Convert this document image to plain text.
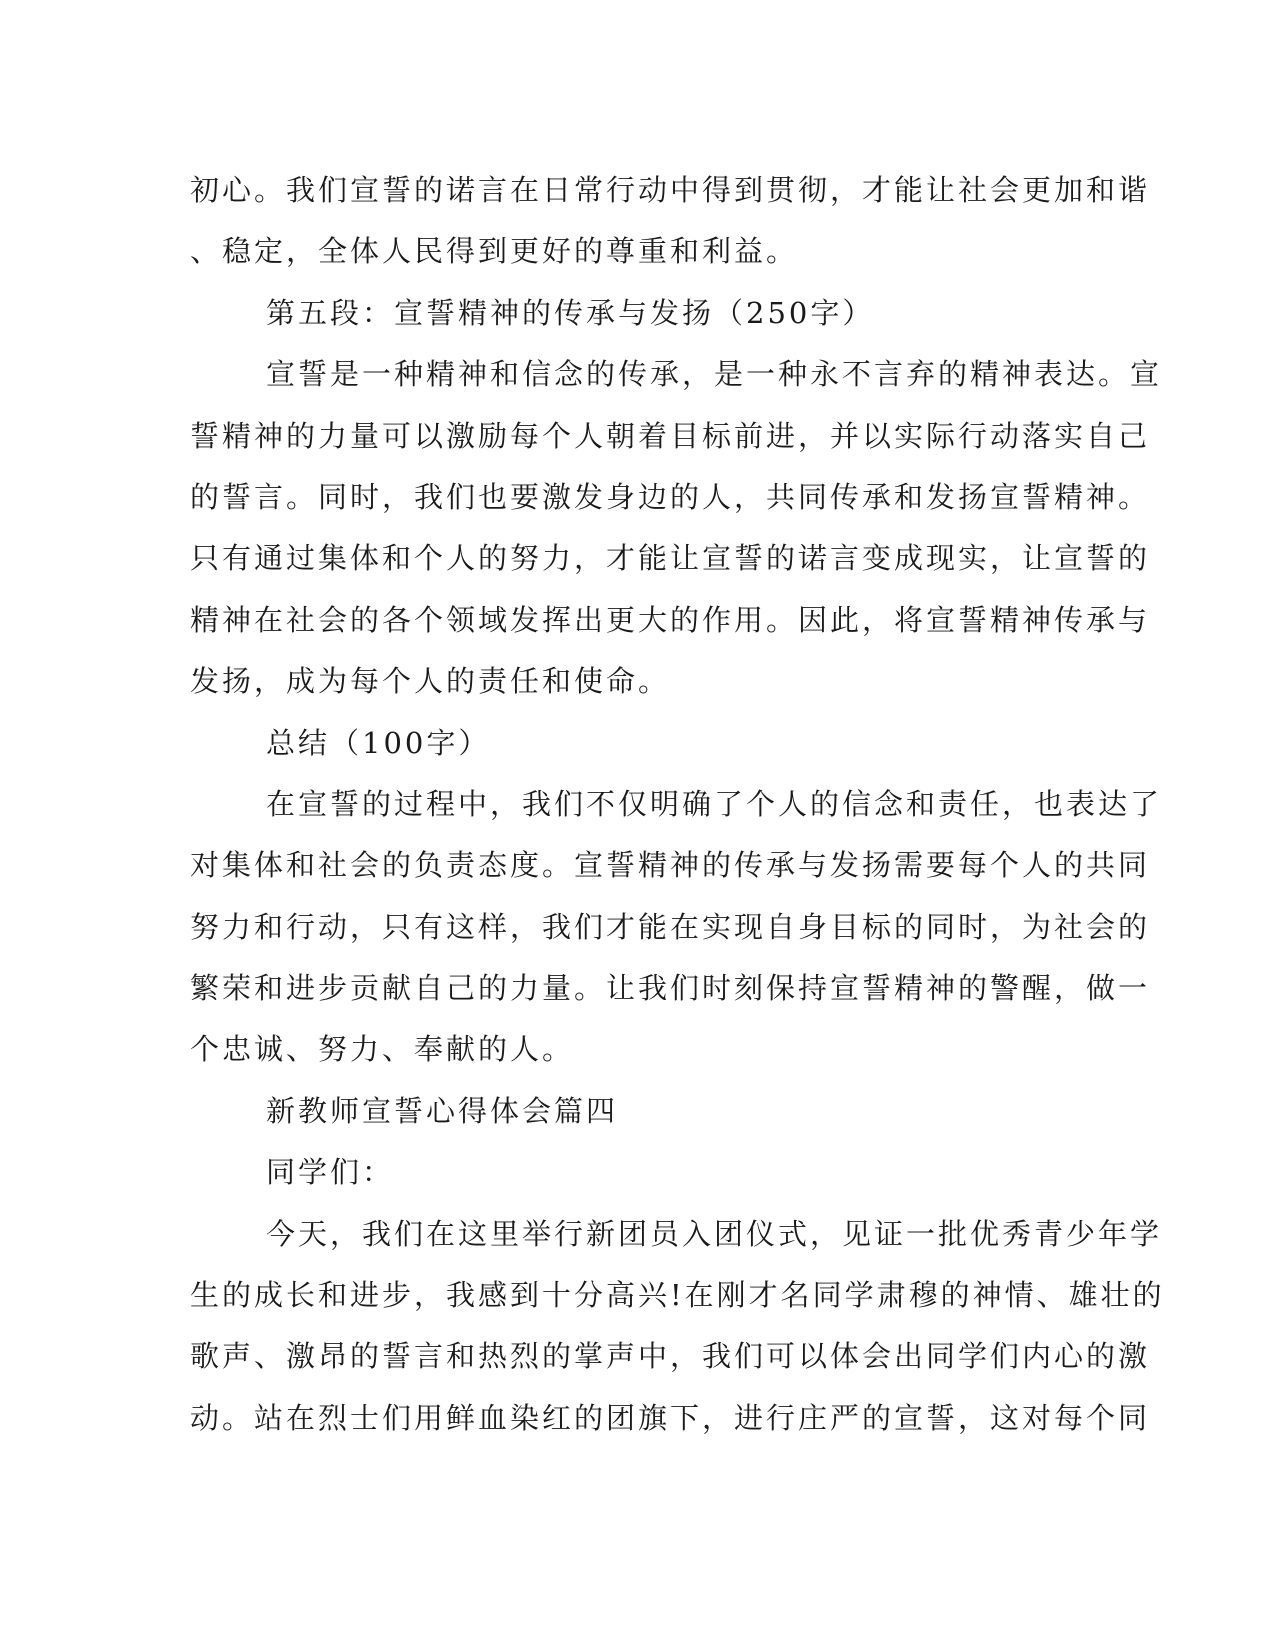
初心。我们宣誓的诺言在日常行动中得到贯彻，才能让社会更加和谐
、稳定，全体人民得到更好的尊重和利益。
第五段：宣誓精神的传承与发扬（250字）
宣誓是一种精神和信念的传承，是一种永不言弃的精神表达。宣
誓精神的力量可以激励每个人朝着目标前进，并以实际行动落实自己
的誓言。同时，我们也要激发身边的人，共同传承和发扬宣誓精神。
只有通过集体和个人的努力，才能让宣誓的诺言变成现实，让宣誓的
精神在社会的各个领域发挥出更大的作用。因此，将宣誓精神传承与
发扬，成为每个人的责任和使命。
总结（100字）
在宣誓的过程中，我们不仅明确了个人的信念和责任，也表达了
对集体和社会的负责态度。宣誓精神的传承与发扬需要每个人的共同
努力和行动，只有这样，我们才能在实现自身目标的同时，为社会的
繁荣和进步贡献自己的力量。让我们时刻保持宣誓精神的警醒，做一
个忠诚、努力、奉献的人。
新教师宣誓心得体会篇四
同学们：
今天，我们在这里举行新团员入团仪式，见证一批优秀青少年学
生的成长和进步，我感到十分高兴!在刚才名同学肃穆的神情、雄壮的
歌声、激昂的誓言和热烈的掌声中，我们可以体会出同学们内心的激
动。站在烈士们用鲜血染红的团旗下，进行庄严的宣誓，这对每个同
